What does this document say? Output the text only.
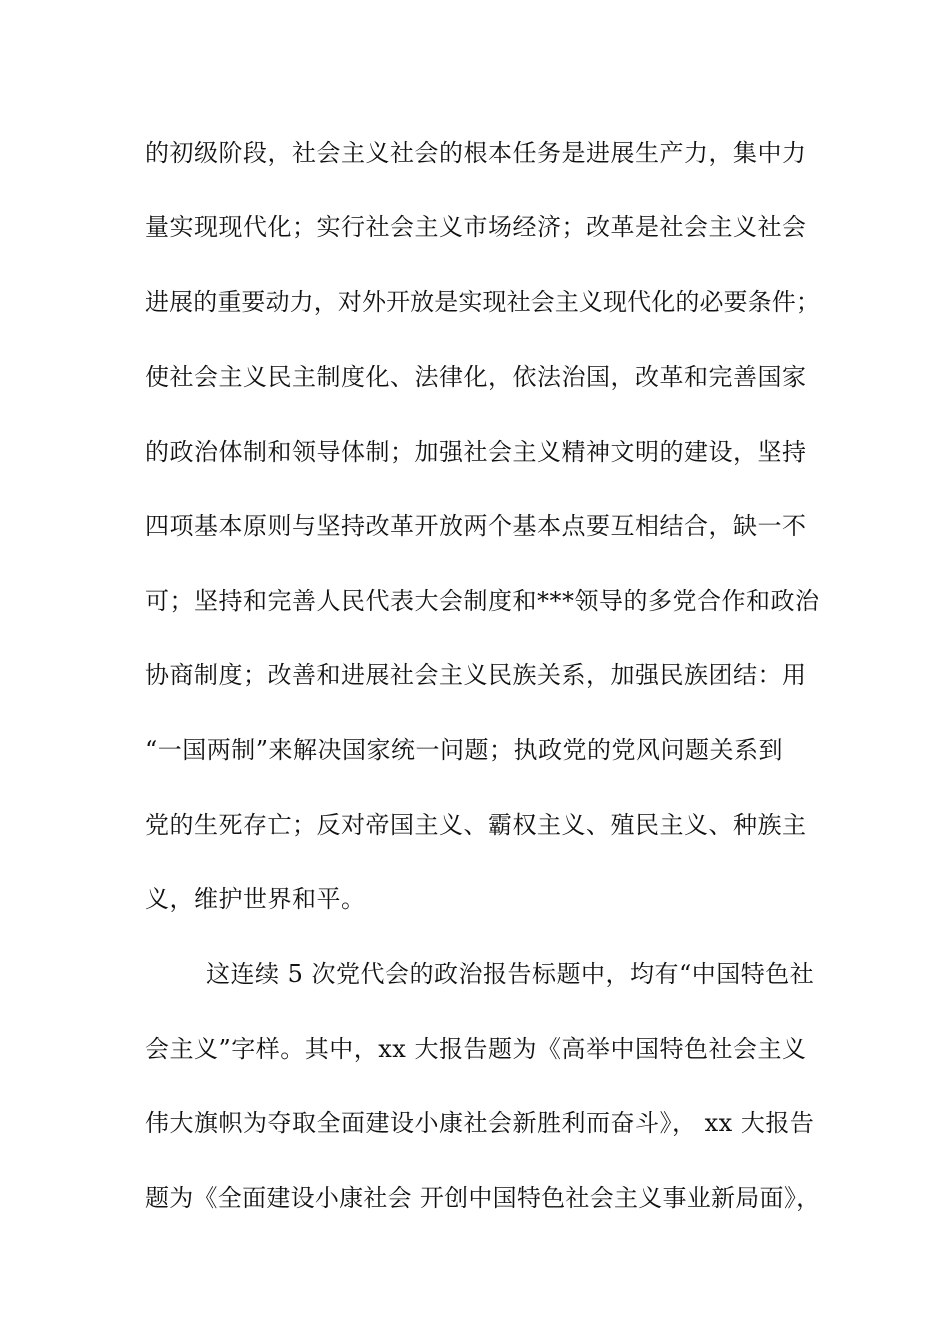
的初级阶段，社会主义社会的根本任务是进展生产力，集中力
量实现现代化；实行社会主义市场经济；改革是社会主义社会
进展的重要动力，对外开放是实现社会主义现代化的必要条件；
使社会主义民主制度化、法律化，依法治国，改革和完善国家
的政治体制和领导体制；加强社会主义精神文明的建设，坚持
四项基本原则与坚持改革开放两个基本点要互相结合，缺一不
可；坚持和完善人民代表大会制度和***领导的多党合作和政治
协商制度；改善和进展社会主义民族关系，加强民族团结：用
“一国两制”来解决国家统一问题；执政党的党风问题关系到
党的生死存亡；反对帝国主义、霸权主义、殖民主义、种族主
义，维护世界和平。
这连续 5 次党代会的政治报告标题中，均有“中国特色社
会主义”字样。其中，xx 大报告题为《高举中国特色社会主义
伟大旗帜为夺取全面建设小康社会新胜利而奋斗》， xx 大报告
题为《全面建设小康社会 开创中国特色社会主义事业新局面》，
